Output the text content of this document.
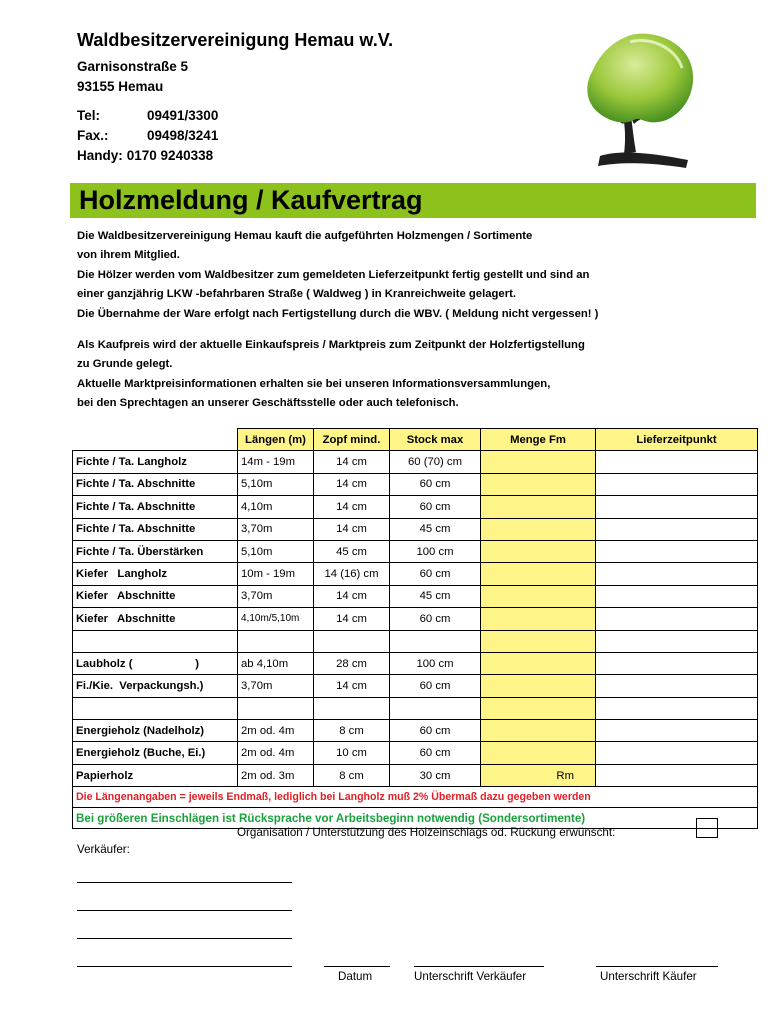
Waldbesitzervereinigung Hemau w.V.
Garnisonstraße 5
93155 Hemau
Tel:	09491/3300
Fax.:	09498/3241
Handy: 0170 9240338
Holzmeldung / Kaufvertrag
Die Waldbesitzervereinigung Hemau kauft die aufgeführten Holzmengen / Sortimente
von ihrem Mitglied.
Die Hölzer werden vom Waldbesitzer zum gemeldeten Lieferzeitpunkt fertig gestellt und sind an
einer ganzjährig LKW -befahrbaren Straße ( Waldweg ) in Kranreichweite gelagert.
Die Übernahme der Ware erfolgt nach Fertigstellung durch die WBV. ( Meldung nicht vergessen! )
Als Kaufpreis wird der aktuelle Einkaufspreis / Marktpreis zum Zeitpunkt der Holzfertigstellung
zu Grunde gelegt.
Aktuelle Marktpreisinformationen erhalten sie bei unseren Informationsversammlungen,
bei den Sprechtagen an unserer Geschäftsstelle oder auch telefonisch.
	Längen (m)	Zopf mind.	Stock max	Menge Fm	Lieferzeitpunkt
Fichte / Ta. Langholz	14m - 19m	14 cm	60 (70) cm		
Fichte / Ta. Abschnitte	5,10m	14 cm	60 cm		
Fichte / Ta. Abschnitte	4,10m	14 cm	60 cm		
Fichte / Ta. Abschnitte	3,70m	14 cm	45 cm		
Fichte / Ta. Überstärken	5,10m	45 cm	100 cm		
Kiefer   Langholz	10m - 19m	14 (16) cm	60 cm		
Kiefer   Abschnitte	3,70m	14 cm	45 cm		
Kiefer   Abschnitte	4,10m/5,10m	14 cm	60 cm		

Laubholz (                    )	ab 4,10m	28 cm	100 cm		
Fi./Kie.  Verpackungsh.)	3,70m	14 cm	60 cm		

Energieholz (Nadelholz)	2m od. 4m	8 cm	60 cm		
Energieholz (Buche, Ei.)	2m od. 4m	10 cm	60 cm		
Papierholz	2m od. 3m	8 cm	30 cm	Rm	

Die Längenangaben = jeweils Endmaß, lediglich bei Langholz muß 2% Übermaß dazu gegeben werden					
Bei größeren Einschlägen ist Rücksprache vor Arbeitsbeginn notwendig (Sondersortimente)					
Organisation / Unterstützung des Holzeinschlags od. Rückung erwünscht:
Verkäufer:
Datum	Unterschrift Verkäufer	Unterschrift Käufer
